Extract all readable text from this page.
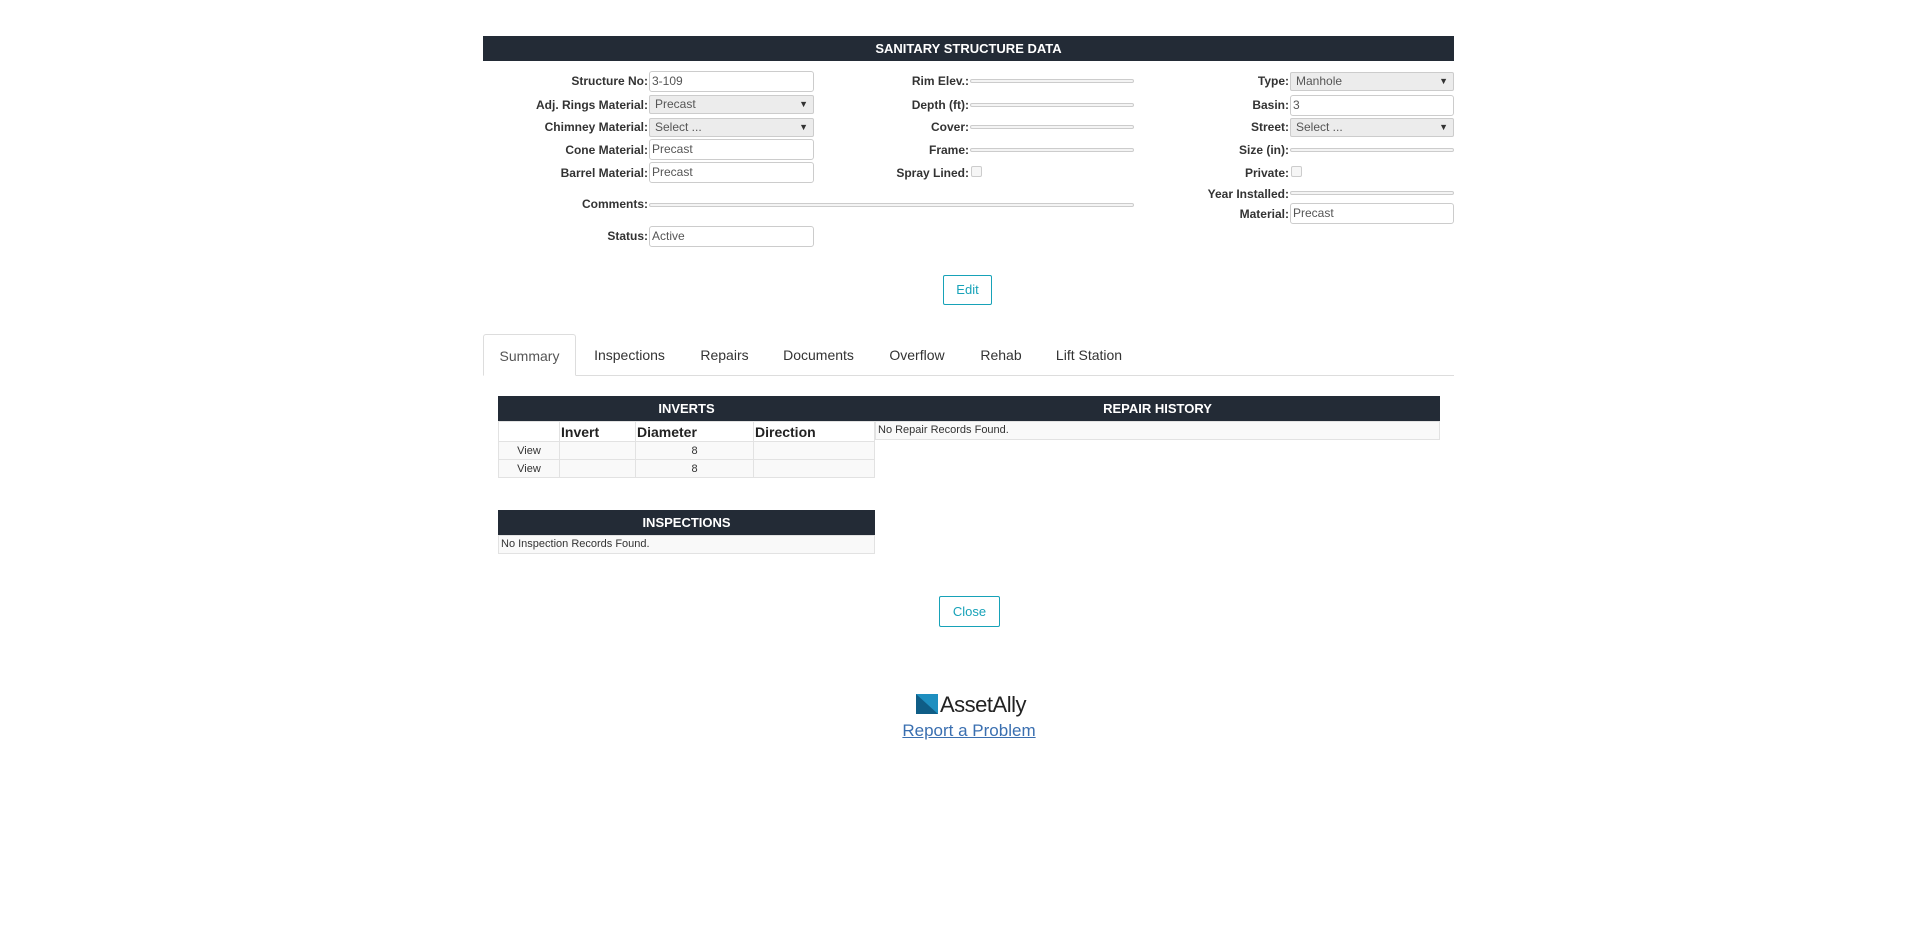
SANITARY STRUCTURE DATA
Structure No: 3-109
Adj. Rings Material: Precast	▼
Chimney Material: Select ...	▼
Cone Material: Precast
Barrel Material: Precast
Comments:
Status: Active
Rim Elev.:
Depth (ft):
Cover:
Frame:
Spray Lined:
Type: Manhole	▼
Basin: 3
Street: Select ...	▼
Size (in):
Private:
Year Installed:
Material: Precast
Edit
Summary	Inspections	Repairs	Documents	Overflow	Rehab	Lift Station
INVERTS
	Invert	Diameter	Direction
View		8	
View		8	
REPAIR HISTORY
No Repair Records Found.
INSPECTIONS
No Inspection Records Found.
Close
AssetAlly
Report a Problem
